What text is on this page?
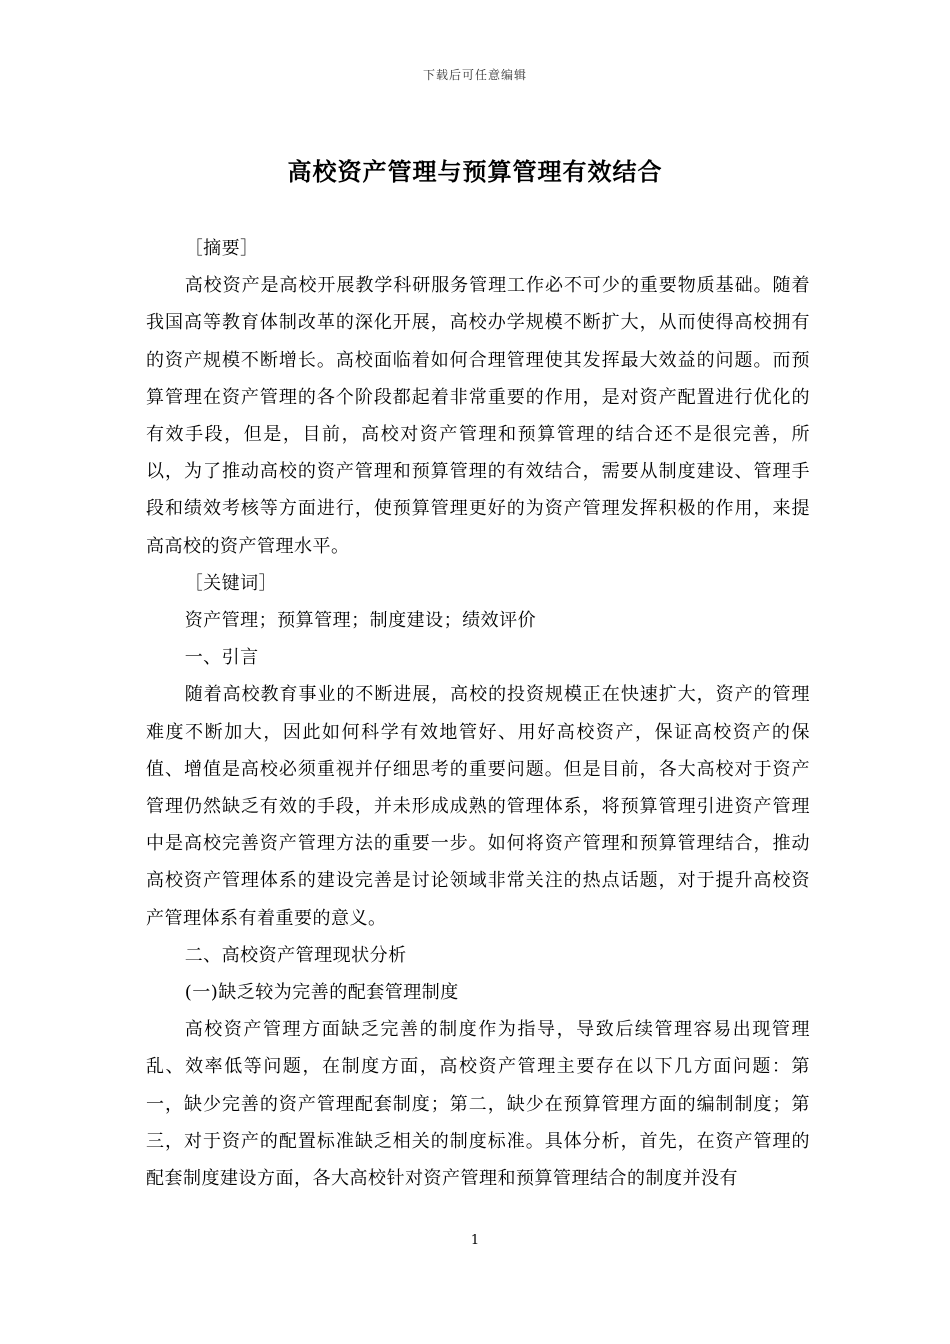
下载后可任意编辑
高校资产管理与预算管理有效结合

［摘要］

高校资产是高校开展教学科研服务管理工作必不可少的重要物质基础。随着我国高等教育体制改革的深化开展，高校办学规模不断扩大，从而使得高校拥有的资产规模不断增长。高校面临着如何合理管理使其发挥最大效益的问题。而预算管理在资产管理的各个阶段都起着非常重要的作用，是对资产配置进行优化的有效手段，但是，目前，高校对资产管理和预算管理的结合还不是很完善，所以，为了推动高校的资产管理和预算管理的有效结合，需要从制度建设、管理手段和绩效考核等方面进行，使预算管理更好的为资产管理发挥积极的作用，来提高高校的资产管理水平。

［关键词］

资产管理；预算管理；制度建设；绩效评价

一、引言

随着高校教育事业的不断进展，高校的投资规模正在快速扩大，资产的管理难度不断加大，因此如何科学有效地管好、用好高校资产，保证高校资产的保值、增值是高校必须重视并仔细思考的重要问题。但是目前，各大高校对于资产管理仍然缺乏有效的手段，并未形成成熟的管理体系，将预算管理引进资产管理中是高校完善资产管理方法的重要一步。如何将资产管理和预算管理结合，推动高校资产管理体系的建设完善是讨论领域非常关注的热点话题，对于提升高校资产管理体系有着重要的意义。

二、高校资产管理现状分析

(一)缺乏较为完善的配套管理制度

高校资产管理方面缺乏完善的制度作为指导，导致后续管理容易出现管理乱、效率低等问题，在制度方面，高校资产管理主要存在以下几方面问题：第一，缺少完善的资产管理配套制度；第二，缺少在预算管理方面的编制制度；第三，对于资产的配置标准缺乏相关的制度标准。具体分析，首先，在资产管理的配套制度建设方面，各大高校针对资产管理和预算管理结合的制度并没有

1
